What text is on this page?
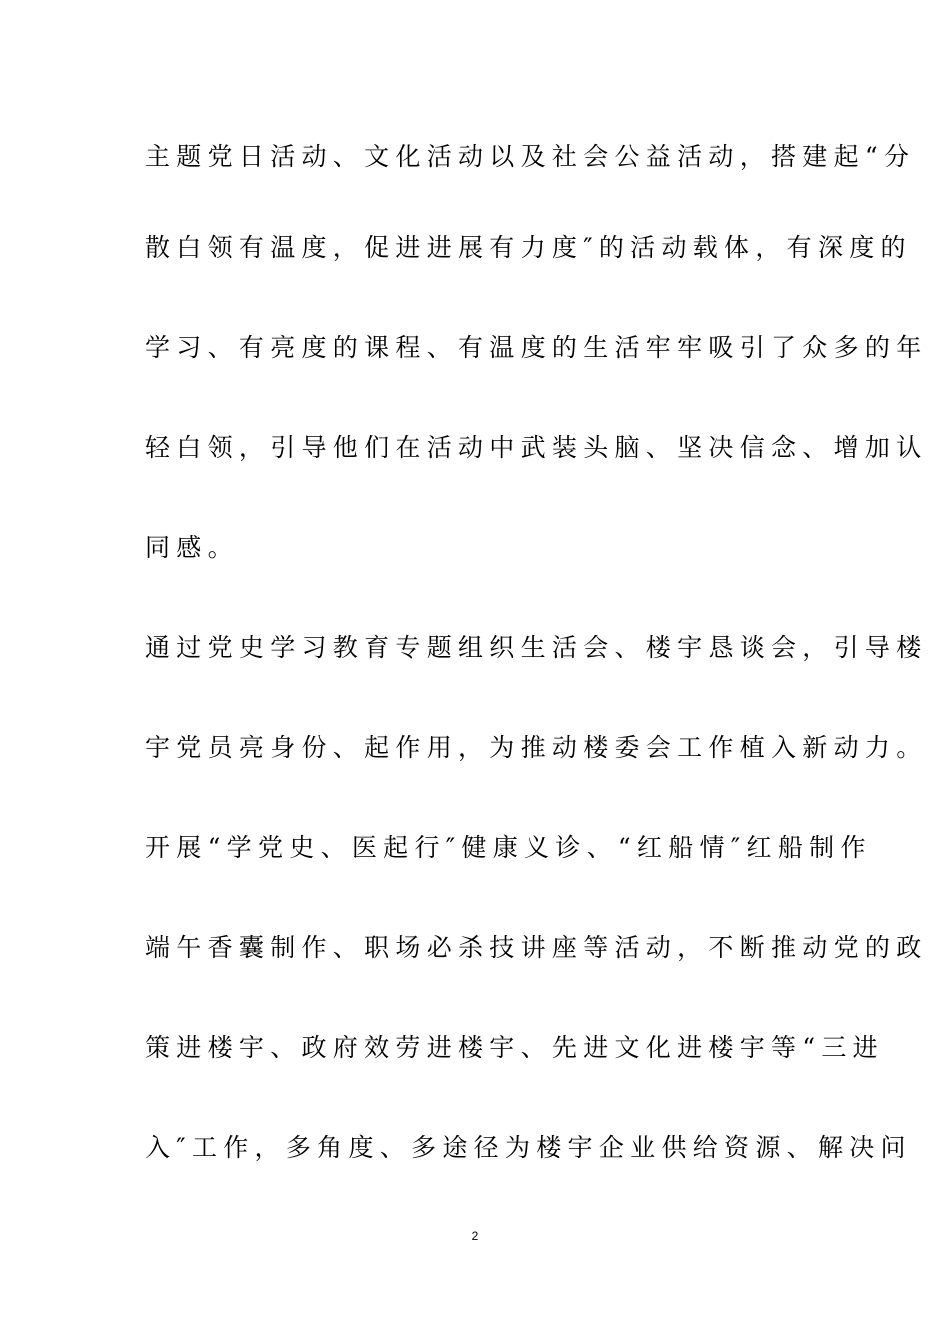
主题党日活动、文化活动以及社会公益活动，搭建起“分
散白领有温度，促进进展有力度″的活动载体，有深度的
学习、有亮度的课程、有温度的生活牢牢吸引了众多的年
轻白领，引导他们在活动中武装头脑、坚决信念、增加认
同感。
通过党史学习教育专题组织生活会、楼宇恳谈会，引导楼
宇党员亮身份、起作用，为推动楼委会工作植入新动力。
开展“学党史、医起行″健康义诊、“红船情″红船制作
端午香囊制作、职场必杀技讲座等活动，不断推动党的政
策进楼宇、政府效劳进楼宇、先进文化进楼宇等“三进
入″工作，多角度、多途径为楼宇企业供给资源、解决问
2
